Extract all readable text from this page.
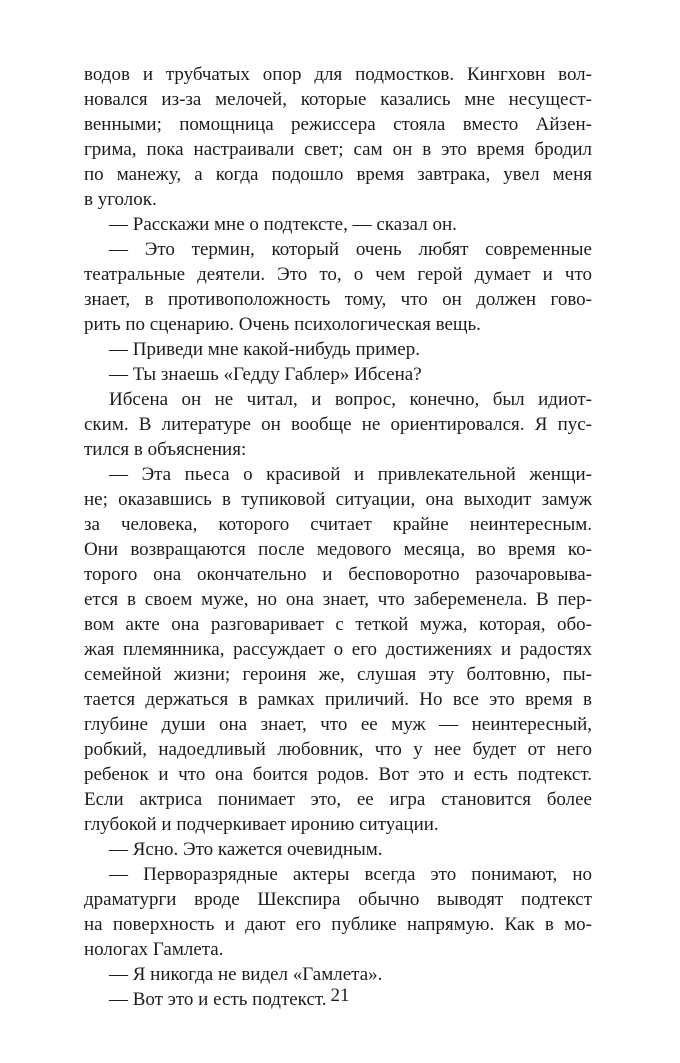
водов и трубчатых опор для подмостков. Кингховн вол-
новался из-за мелочей, которые казались мне несущест-
венными; помощница режиссера стояла вместо Айзен-
грима, пока настраивали свет; сам он в это время бродил
по манежу, а когда подошло время завтрака, увел меня
в уголок.
— Расскажи мне о подтексте, — сказал он.
— Это термин, который очень любят современные
театральные деятели. Это то, о чем герой думает и что
знает, в противоположность тому, что он должен гово-
рить по сценарию. Очень психологическая вещь.
— Приведи мне какой-нибудь пример.
— Ты знаешь «Гедду Габлер» Ибсена?
Ибсена он не читал, и вопрос, конечно, был идиот-
ским. В литературе он вообще не ориентировался. Я пус-
тился в объяснения:
— Эта пьеса о красивой и привлекательной женщи-
не; оказавшись в тупиковой ситуации, она выходит замуж
за человека, которого считает крайне неинтересным.
Они возвращаются после медового месяца, во время ко-
торого она окончательно и бесповоротно разочаровыва-
ется в своем муже, но она знает, что забеременела. В пер-
вом акте она разговаривает с теткой мужа, которая, обо-
жая племянника, рассуждает о его достижениях и радостях
семейной жизни; героиня же, слушая эту болтовню, пы-
тается держаться в рамках приличий. Но все это время в
глубине души она знает, что ее муж — неинтересный,
робкий, надоедливый любовник, что у нее будет от него
ребенок и что она боится родов. Вот это и есть подтекст.
Если актриса понимает это, ее игра становится более
глубокой и подчеркивает иронию ситуации.
— Ясно. Это кажется очевидным.
— Перворазрядные актеры всегда это понимают, но
драматурги вроде Шекспира обычно выводят подтекст
на поверхность и дают его публике напрямую. Как в мо-
нологах Гамлета.
— Я никогда не видел «Гамлета».
— Вот это и есть подтекст. 21
